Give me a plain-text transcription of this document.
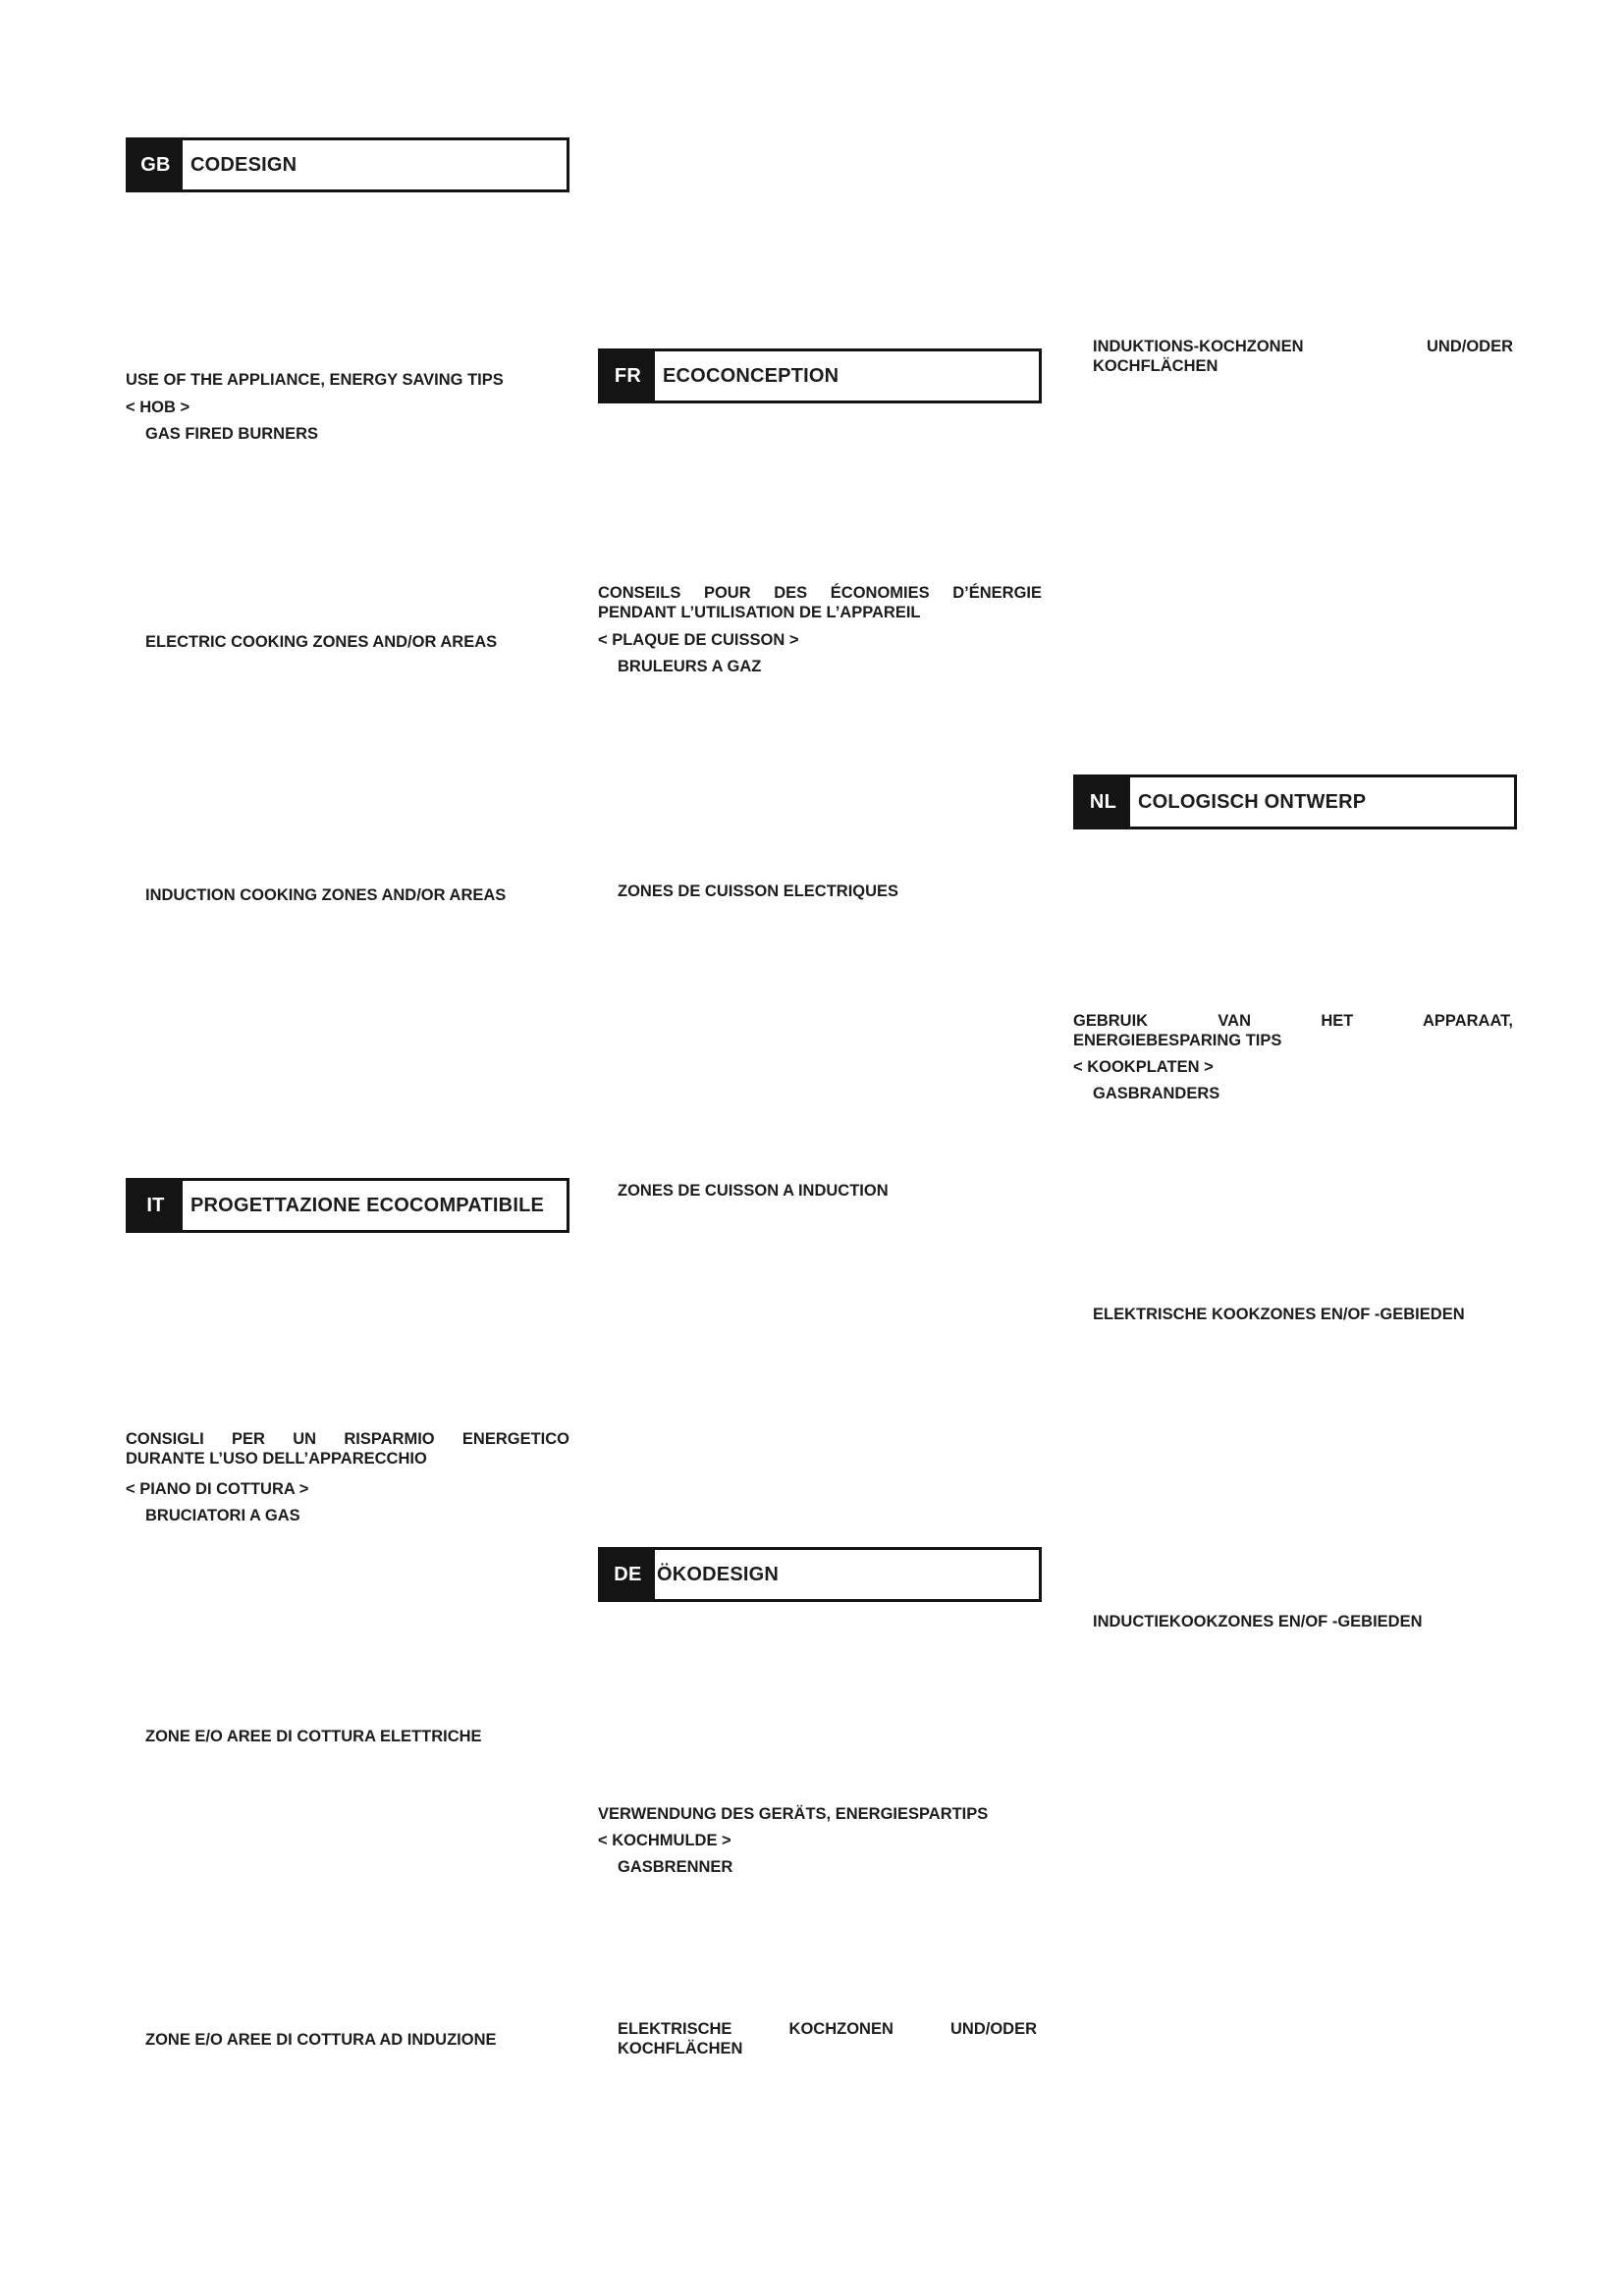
GB	CODESIGN
USE OF THE APPLIANCE, ENERGY SAVING TIPS
< HOB >
GAS FIRED BURNERS
ELECTRIC COOKING ZONES AND/OR AREAS
INDUCTION COOKING ZONES AND/OR AREAS
FR	ECOCONCEPTION
CONSEILS POUR DES ÉCONOMIES D’ÉNERGIE
PENDANT L’UTILISATION DE L’APPAREIL
< PLAQUE DE CUISSON >
BRULEURS A GAZ
ZONES DE CUISSON ELECTRIQUES
ZONES DE CUISSON A INDUCTION
IT	PROGETTAZIONE ECOCOMPATIBILE
CONSIGLI PER UN RISPARMIO ENERGETICO
DURANTE L’USO DELL’APPARECCHIO
< PIANO DI COTTURA >
BRUCIATORI A GAS
ZONE E/O AREE DI COTTURA ELETTRICHE
ZONE E/O AREE DI COTTURA AD INDUZIONE
DE ÖKODESIGN
VERWENDUNG DES GERÄTS, ENERGIESPARTIPS
< KOCHMULDE >
GASBRENNER
ELEKTRISCHE KOCHZONEN UND/ODER
KOCHFLÄCHEN
INDUKTIONS-KOCHZONEN UND/ODER
KOCHFLÄCHEN
NL	COLOGISCH ONTWERP
GEBRUIK VAN HET APPARAAT,
ENERGIEBESPARING TIPS
< KOOKPLATEN >
GASBRANDERS
ELEKTRISCHE KOOKZONES EN/OF -GEBIEDEN
INDUCTIEKOOKZONES EN/OF -GEBIEDEN
